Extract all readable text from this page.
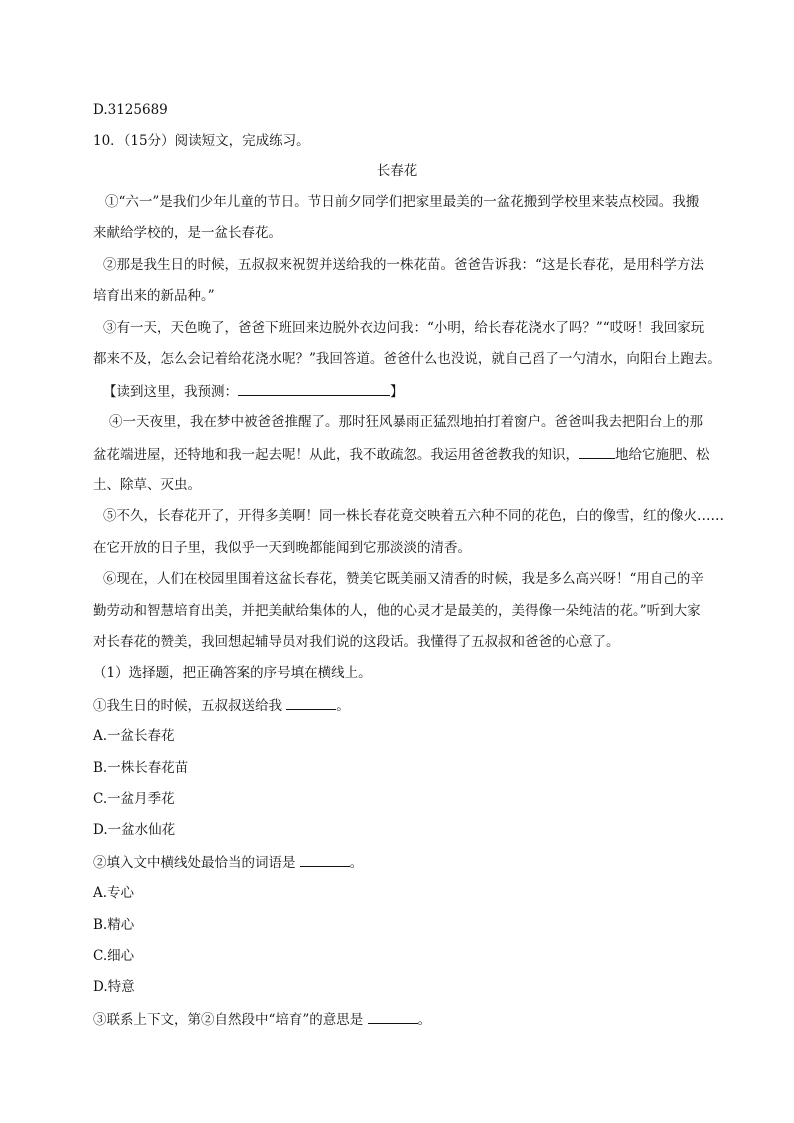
D.3125689
10．（15分）阅读短文，完成练习。
长春花
①“六一”是我们少年儿童的节日。节日前夕同学们把家里最美的一盆花搬到学校里来装点校园。我搬
来献给学校的，是一盆长春花。
②那是我生日的时候，五叔叔来祝贺并送给我的一株花苗。爸爸告诉我：“这是长春花，是用科学方法
培育出来的新品种。”
③有一天，天色晚了，爸爸下班回来边脱外衣边问我：“小明，给长春花浇水了吗？”“哎呀！我回家玩
都来不及，怎么会记着给花浇水呢？”我回答道。爸爸什么也没说，就自己舀了一勺清水，向阳台上跑去。
【读到这里，我预测：	】
④一天夜里，我在梦中被爸爸推醒了。那时狂风暴雨正猛烈地拍打着窗户。爸爸叫我去把阳台上的那
盆花端进屋，还特地和我一起去呢！从此，我不敢疏忽。我运用爸爸教我的知识，	地给它施肥、松
土、除草、灭虫。
⑤不久，长春花开了，开得多美啊！同一株长春花竟交映着五六种不同的花色，白的像雪，红的像火……
在它开放的日子里，我似乎一天到晚都能闻到它那淡淡的清香。
⑥现在，人们在校园里围着这盆长春花，赞美它既美丽又清香的时候，我是多么高兴呀！“用自己的辛
勤劳动和智慧培育出美，并把美献给集体的人，他的心灵才是最美的，美得像一朵纯洁的花。”听到大家
对长春花的赞美，我回想起辅导员对我们说的这段话。我懂得了五叔叔和爸爸的心意了。
（1）选择题，把正确答案的序号填在横线上。
①我生日的时候，五叔叔送给我	。
A.一盆长春花
B.一株长春花苗
C.一盆月季花
D.一盆水仙花
②填入文中横线处最恰当的词语是	。
A.专心
B.精心
C.细心
D.特意
③联系上下文，第②自然段中“培育”的意思是	。
